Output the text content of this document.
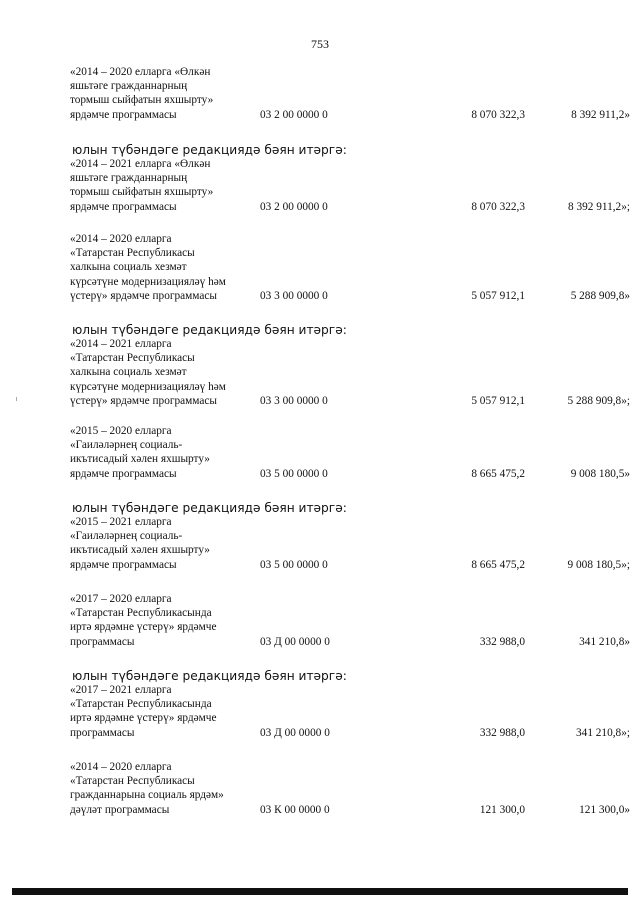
753
«2014 – 2020 елларга «Өлкән
яшьтәге гражданнарның
тормыш сыйфатын яхшырту»
ярдәмче программасы	03 2 00 0000 0	8 070 322,3	8 392 911,2»
юлын түбәндәге редакциядә бәян итәргә:
«2014 – 2021 елларга «Өлкән
яшьтәге гражданнарның
тормыш сыйфатын яхшырту»
ярдәмче программасы	03 2 00 0000 0	8 070 322,3	8 392 911,2»;
«2014 – 2020 елларга
«Татарстан Республикасы
халкына социаль хезмәт
күрсәтүне модернизацияләү һәм
үстерү» ярдәмче программасы	03 3 00 0000 0	5 057 912,1	5 288 909,8»
юлын түбәндәге редакциядә бәян итәргә:
«2014 – 2021 елларга
«Татарстан Республикасы
халкына социаль хезмәт
күрсәтүне модернизацияләү һәм
үстерү» ярдәмче программасы	03 3 00 0000 0	5 057 912,1	5 288 909,8»;
«2015 – 2020 елларга
«Гаиләләрнең социаль-
икътисадый хәлен яхшырту»
ярдәмче программасы	03 5 00 0000 0	8 665 475,2	9 008 180,5»
юлын түбәндәге редакциядә бәян итәргә:
«2015 – 2021 елларга
«Гаиләләрнең социаль-
икътисадый хәлен яхшырту»
ярдәмче программасы	03 5 00 0000 0	8 665 475,2	9 008 180,5»;
«2017 – 2020 елларга
«Татарстан Республикасында
иртә ярдәмне үстерү» ярдәмче
программасы	03 Д 00 0000 0	332 988,0	341 210,8»
юлын түбәндәге редакциядә бәян итәргә:
«2017 – 2021 елларга
«Татарстан Республикасында
иртә ярдәмне үстерү» ярдәмче
программасы	03 Д 00 0000 0	332 988,0	341 210,8»;
«2014 – 2020 елларга
«Татарстан Республикасы
гражданнарына социаль ярдәм»
дәүләт программасы	03 К 00 0000 0	121 300,0	121 300,0»
